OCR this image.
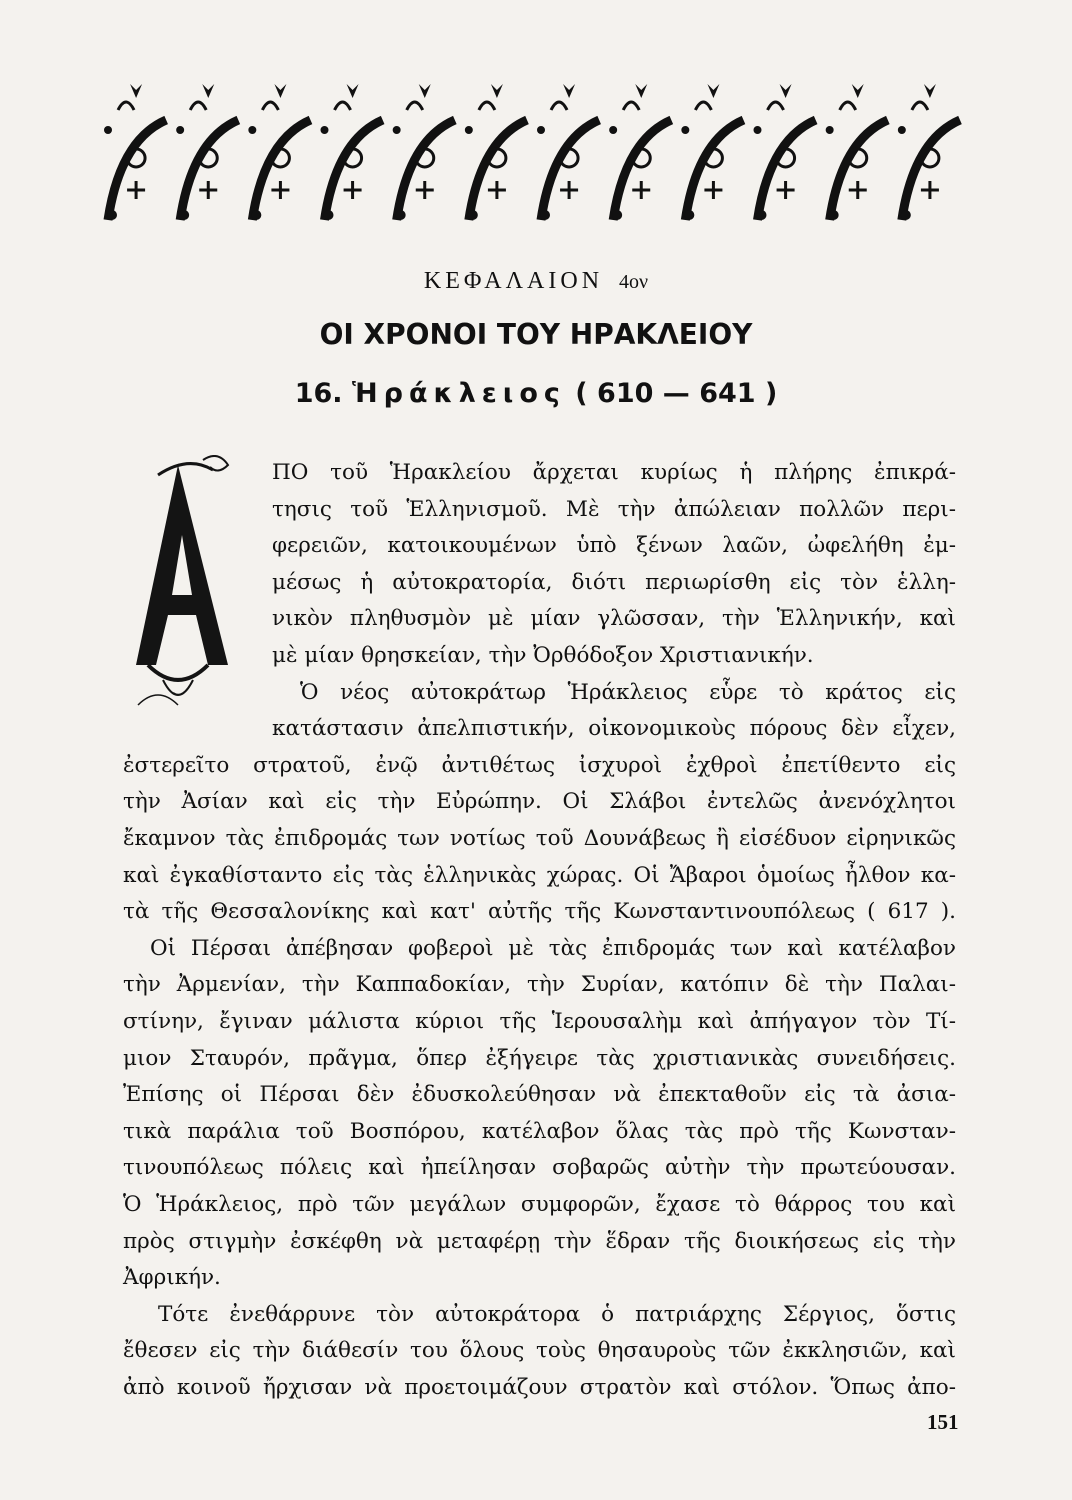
ΚΕΦΑΛΑΙΟΝ 4ον
ΟΙ ΧΡΟΝΟΙ ΤΟΥ ΗΡΑΚΛΕΙΟΥ
16. Ἡράκλειος ( 610 — 641 )
Α
ΠΟ τοῦ Ἡρακλείου ἄρχεται κυρίως ἡ πλήρης ἐπικρά-
τησις τοῦ Ἑλληνισμοῦ. Μὲ τὴν ἀπώλειαν πολλῶν περι-
φερειῶν, κατοικουμένων ὑπὸ ξένων λαῶν, ὠφελήθη ἐμ-
μέσως ἡ αὐτοκρατορία, διότι περιωρίσθη εἰς τὸν ἑλλη-
νικὸν πληθυσμὸν μὲ μίαν γλῶσσαν, τὴν Ἑλληνικήν, καὶ
μὲ μίαν θρησκείαν, τὴν Ὀρθόδοξον Χριστιανικήν.
Ὁ νέος αὐτοκράτωρ Ἡράκλειος εὗρε τὸ κράτος εἰς
κατάστασιν ἀπελπιστικήν, οἰκονομικοὺς πόρους δὲν εἶχεν,
ἐστερεῖτο στρατοῦ, ἐνῷ ἀντιθέτως ἰσχυροὶ ἐχθροὶ ἐπετίθεντο εἰς
τὴν Ἀσίαν καὶ εἰς τὴν Εὐρώπην. Οἱ Σλάβοι ἐντελῶς ἀνενόχλητοι
ἔκαμνον τὰς ἐπιδρομάς των νοτίως τοῦ Δουνάβεως ἢ εἰσέδυον εἰρηνικῶς
καὶ ἐγκαθίσταντο εἰς τὰς ἑλληνικὰς χώρας. Οἱ Ἄβαροι ὁμοίως ἦλθον κα-
τὰ τῆς Θεσσαλονίκης καὶ κατ' αὐτῆς τῆς Κωνσταντινουπόλεως ( 617 ).
Οἱ Πέρσαι ἀπέβησαν φοβεροὶ μὲ τὰς ἐπιδρομάς των καὶ κατέλαβον
τὴν Ἀρμενίαν, τὴν Καππαδοκίαν, τὴν Συρίαν, κατόπιν δὲ τὴν Παλαι-
στίνην, ἔγιναν μάλιστα κύριοι τῆς Ἱερουσαλὴμ καὶ ἀπήγαγον τὸν Τί-
μιον Σταυρόν, πρᾶγμα, ὅπερ ἐξήγειρε τὰς χριστιανικὰς συνειδήσεις.
Ἐπίσης οἱ Πέρσαι δὲν ἐδυσκολεύθησαν νὰ ἐπεκταθοῦν εἰς τὰ ἀσια-
τικὰ παράλια τοῦ Βοσπόρου, κατέλαβον ὅλας τὰς πρὸ τῆς Κωνσταν-
τινουπόλεως πόλεις καὶ ἠπείλησαν σοβαρῶς αὐτὴν τὴν πρωτεύουσαν.
Ὁ Ἡράκλειος, πρὸ τῶν μεγάλων συμφορῶν, ἔχασε τὸ θάρρος του καὶ
πρὸς στιγμὴν ἐσκέφθη νὰ μεταφέρῃ τὴν ἕδραν τῆς διοικήσεως εἰς τὴν
Ἀφρικήν.
Τότε ἐνεθάρρυνε τὸν αὐτοκράτορα ὁ πατριάρχης Σέργιος, ὅστις
ἔθεσεν εἰς τὴν διάθεσίν του ὅλους τοὺς θησαυροὺς τῶν ἐκκλησιῶν, καὶ
ἀπὸ κοινοῦ ἤρχισαν νὰ προετοιμάζουν στρατὸν καὶ στόλον. Ὅπως ἀπο-
151
